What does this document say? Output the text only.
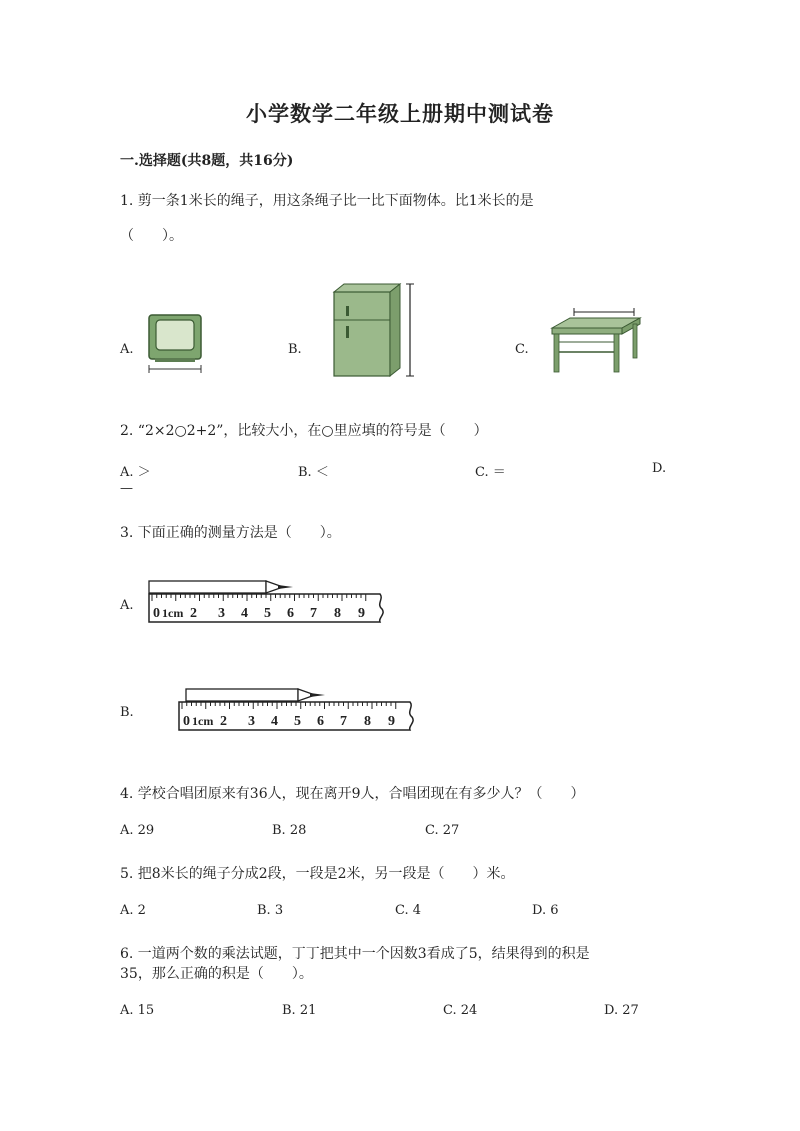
小学数学二年级上册期中测试卷
一.选择题(共8题，共16分)
1. 剪一条1米长的绳子，用这条绳子比一比下面物体。比1米长的是
（　　）。
A.	B.	C.
2. “2×2○2+2”，比较大小，在○里应填的符号是（　　）
A. ＞	B. ＜	C. ＝	D.
—
3. 下面正确的测量方法是（　　）。
A.
0 1cm 2 3 4 5 6 7 8 9
B.
0 1cm 2 3 4 5 6 7 8 9
4. 学校合唱团原来有36人，现在离开9人，合唱团现在有多少人？（　　）
A. 29	B. 28	C. 27
5. 把8米长的绳子分成2段，一段是2米，另一段是（　　）米。
A. 2	B. 3	C. 4	D. 6
6. 一道两个数的乘法试题，丁丁把其中一个因数3看成了5，结果得到的积是
35，那么正确的积是（　　）。
A. 15	B. 21	C. 24	D. 27
